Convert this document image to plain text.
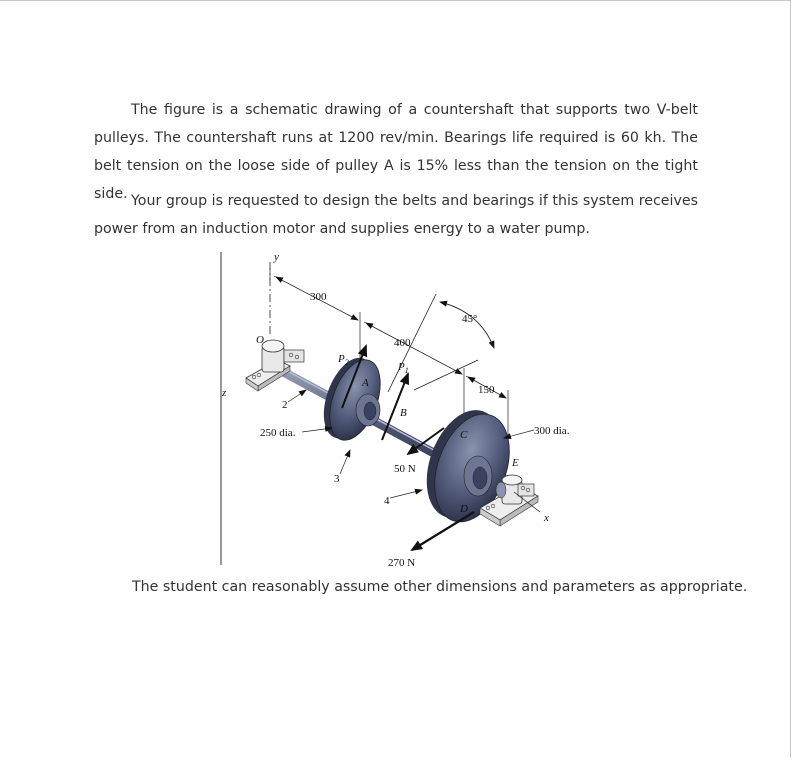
The figure is a schematic drawing of a countershaft that supports two V-belt pulleys. The countershaft runs at 1200 rev/min. Bearings life required is 60 kh. The belt tension on the loose side of pulley A is 15% less than the tension on the tight side. Your group is requested to design the belts and bearings if this system receives power from an induction motor and supplies energy to a water pump.

y
300
400
150
45°
O
z
A
B
$P_2$	$P_1$
C
D
E
x
50 N
270 N
250 dia.	300 dia.
2
3
4

The student can reasonably assume other dimensions and parameters as appropriate.
